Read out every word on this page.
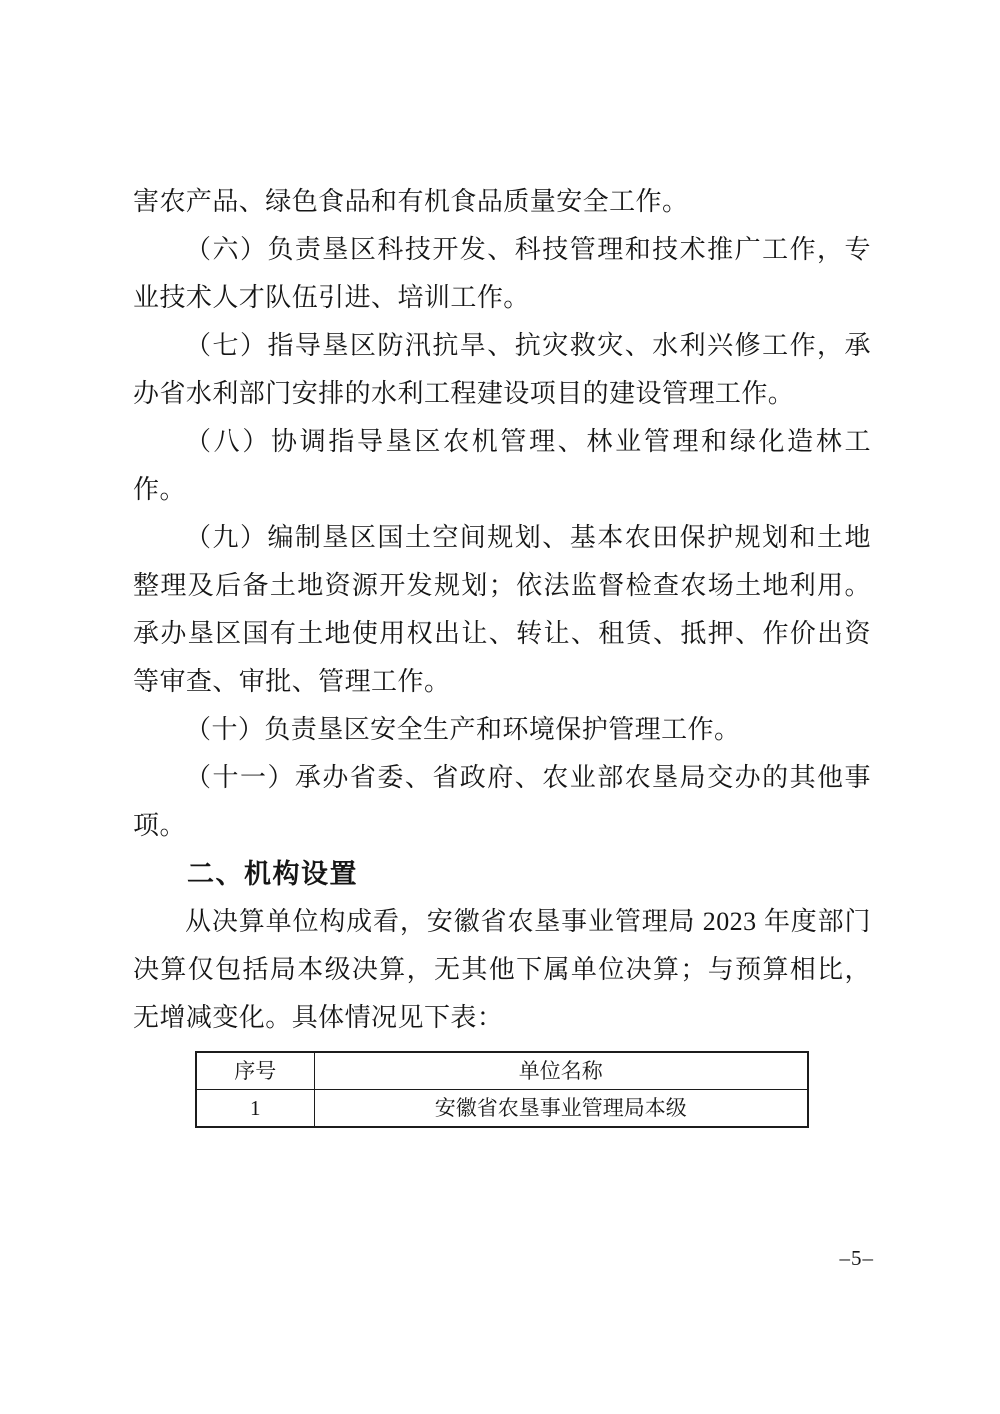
害农产品、绿色食品和有机食品质量安全工作。

（六）负责垦区科技开发、科技管理和技术推广工作，专业技术人才队伍引进、培训工作。

（七）指导垦区防汛抗旱、抗灾救灾、水利兴修工作，承办省水利部门安排的水利工程建设项目的建设管理工作。

（八）协调指导垦区农机管理、林业管理和绿化造林工作。

（九）编制垦区国土空间规划、基本农田保护规划和土地整理及后备土地资源开发规划；依法监督检查农场土地利用。承办垦区国有土地使用权出让、转让、租赁、抵押、作价出资等审查、审批、管理工作。

（十）负责垦区安全生产和环境保护管理工作。

（十一）承办省委、省政府、农业部农垦局交办的其他事项。

二、机构设置

从决算单位构成看，安徽省农垦事业管理局 2023 年度部门决算仅包括局本级决算，无其他下属单位决算；与预算相比，无增减变化。具体情况见下表：

序号	单位名称
1	安徽省农垦事业管理局本级
–5–
